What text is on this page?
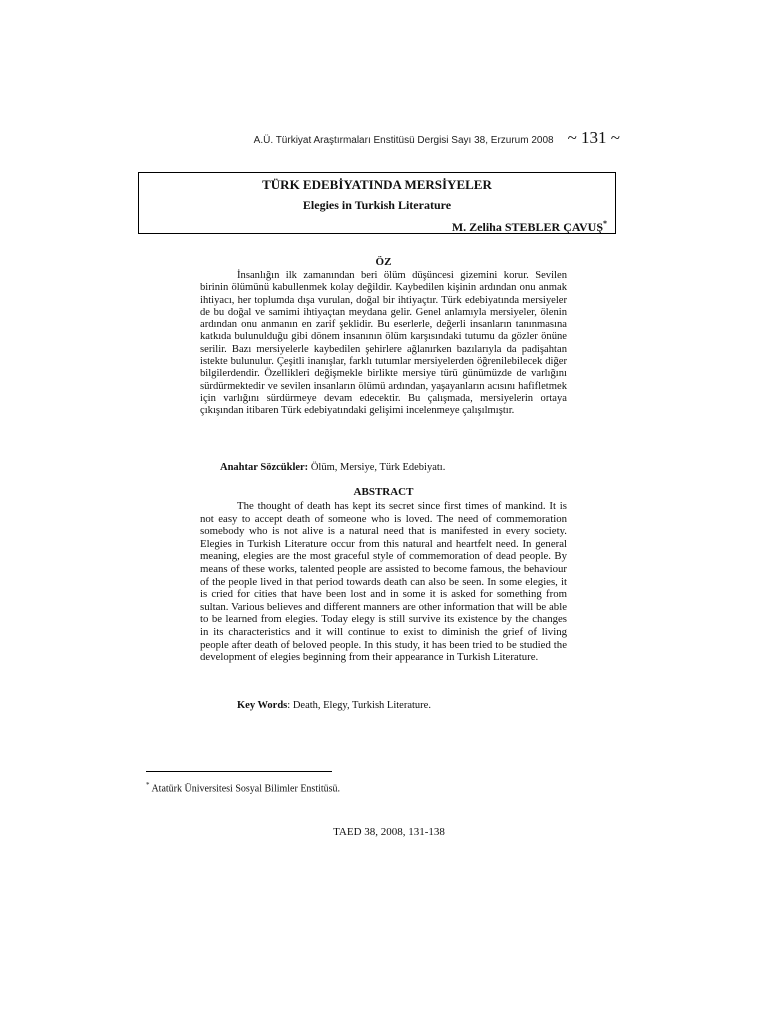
A.Ü. Türkiyat Araştırmaları Enstitüsü Dergisi Sayı 38, Erzurum 2008 ~ 131 ~
TÜRK EDEBİYATINDA MERSİYELER
Elegies in Turkish Literature
M. Zeliha STEBLER ÇAVUŞ*
ÖZ

İnsanlığın ilk zamanından beri ölüm düşüncesi gizemini korur. Sevilen birinin ölümünü kabullenmek kolay değildir. Kaybedilen kişinin ardından onu anmak ihtiyacı, her toplumda dışa vurulan, doğal bir ihtiyaçtır. Türk edebiyatında mersiyeler de bu doğal ve samimi ihtiyaçtan meydana gelir. Genel anlamıyla mersiyeler, ölenin ardından onu anmanın en zarif şeklidir. Bu eserlerle, değerli insanların tanınmasına katkıda bulunulduğu gibi dönem insanının ölüm karşısındaki tutumu da gözler önüne serilir. Bazı mersiyelerle kaybedilen şehirlere ağlanırken bazılarıyla da padişahtan istekte bulunulur. Çeşitli inanışlar, farklı tutumlar mersiyelerden öğrenilebilecek diğer bilgilerdendir. Özellikleri değişmekle birlikte mersiye türü günümüzde de varlığını sürdürmektedir ve sevilen insanların ölümü ardından, yaşayanların acısını hafifletmek için varlığını sürdürmeye devam edecektir. Bu çalışmada, mersiyelerin ortaya çıkışından itibaren Türk edebiyatındaki gelişimi incelenmeye çalışılmıştır.

Anahtar Sözcükler: Ölüm, Mersiye, Türk Edebiyatı.
ABSTRACT

The thought of death has kept its secret since first times of mankind. It is not easy to accept death of someone who is loved. The need of commemoration somebody who is not alive is a natural need that is manifested in every society. Elegies in Turkish Literature occur from this natural and heartfelt need. In general meaning, elegies are the most graceful style of commemoration of dead people. By means of these works, talented people are assisted to become famous, the behaviour of the people lived in that period towards death can also be seen. In some elegies, it is cried for cities that have been lost and in some it is asked for something from sultan. Various believes and different manners are other information that will be able to be learned from elegies. Today elegy is still survive its existence by the changes in its characteristics and it will continue to exist to diminish the grief of living people after death of beloved people. In this study, it has been tried to be studied the development of elegies beginning from their appearance in Turkish Literature.

Key Words: Death, Elegy, Turkish Literature.
* Atatürk Üniversitesi Sosyal Bilimler Enstitüsü.
TAED 38, 2008, 131-138
